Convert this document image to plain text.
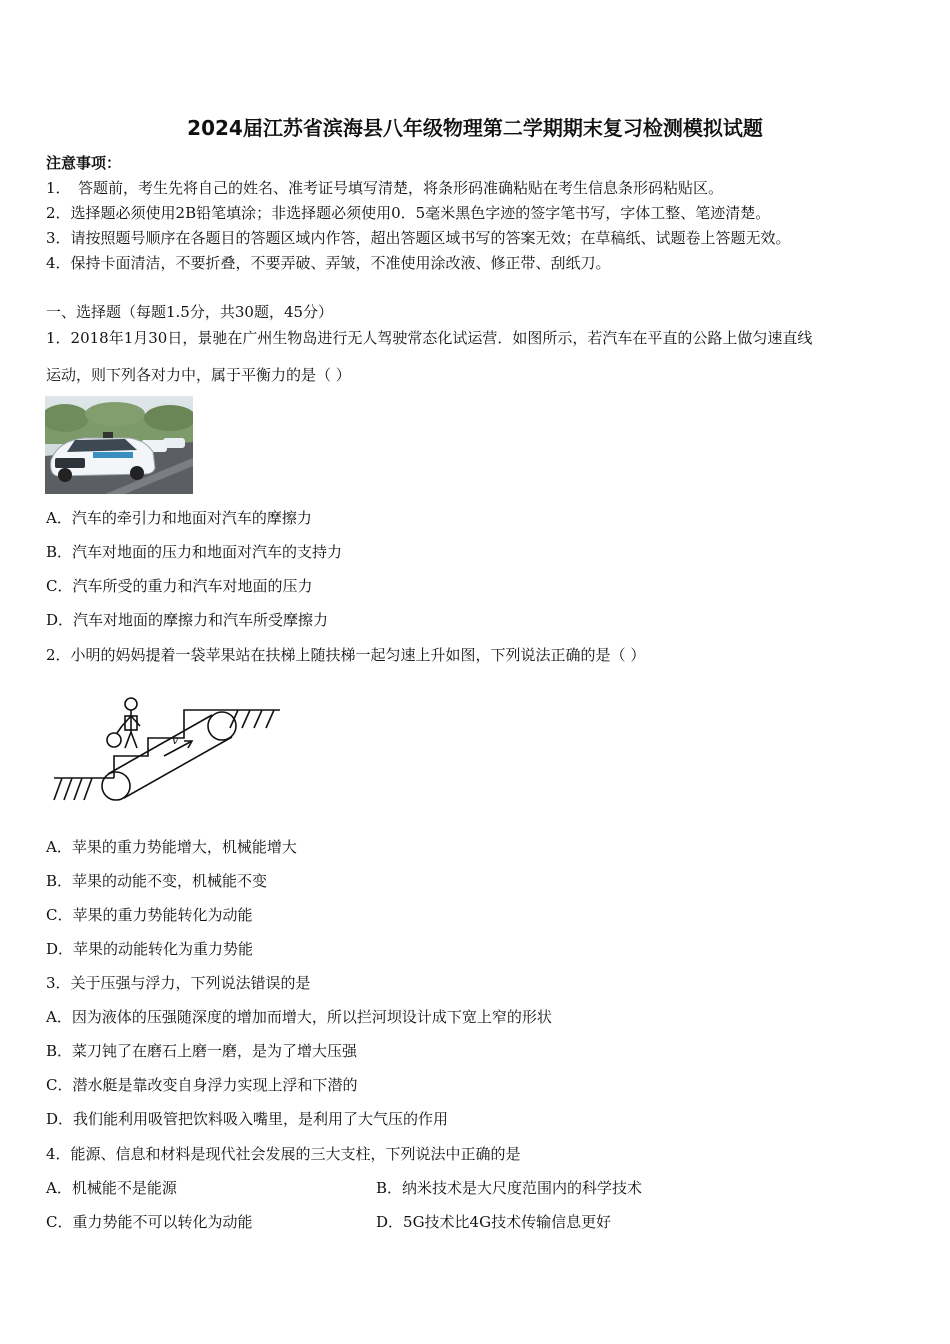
2024届江苏省滨海县八年级物理第二学期期末复习检测模拟试题
注意事项：
1．　答题前，考生先将自己的姓名、准考证号填写清楚，将条形码准确粘贴在考生信息条形码粘贴区。
2．选择题必须使用2B铅笔填涂；非选择题必须使用0．5毫米黑色字迹的签字笔书写，字体工整、笔迹清楚。
3．请按照题号顺序在各题目的答题区域内作答，超出答题区域书写的答案无效；在草稿纸、试题卷上答题无效。
4．保持卡面清洁，不要折叠，不要弄破、弄皱，不准使用涂改液、修正带、刮纸刀。
一、选择题（每题1.5分，共30题，45分）
1．2018年1月30日，景驰在广州生物岛进行无人驾驶常态化试运营．如图所示，若汽车在平直的公路上做匀速直线
运动，则下列各对力中，属于平衡力的是（ ）
A．汽车的牵引力和地面对汽车的摩擦力
B．汽车对地面的压力和地面对汽车的支持力
C．汽车所受的重力和汽车对地面的压力
D．汽车对地面的摩擦力和汽车所受摩擦力
2．小明的妈妈提着一袋苹果站在扶梯上随扶梯一起匀速上升如图，下列说法正确的是（ ）
v
A．苹果的重力势能增大，机械能增大
B．苹果的动能不变，机械能不变
C．苹果的重力势能转化为动能
D．苹果的动能转化为重力势能
3．关于压强与浮力，下列说法错误的是
A．因为液体的压强随深度的增加而增大，所以拦河坝设计成下宽上窄的形状
B．菜刀钝了在磨石上磨一磨，是为了增大压强
C．潜水艇是靠改变自身浮力实现上浮和下潜的
D．我们能利用吸管把饮料吸入嘴里，是利用了大气压的作用
4．能源、信息和材料是现代社会发展的三大支柱，下列说法中正确的是
A．机械能不是能源	B．纳米技术是大尺度范围内的科学技术
C．重力势能不可以转化为动能	D．5G技术比4G技术传输信息更好
